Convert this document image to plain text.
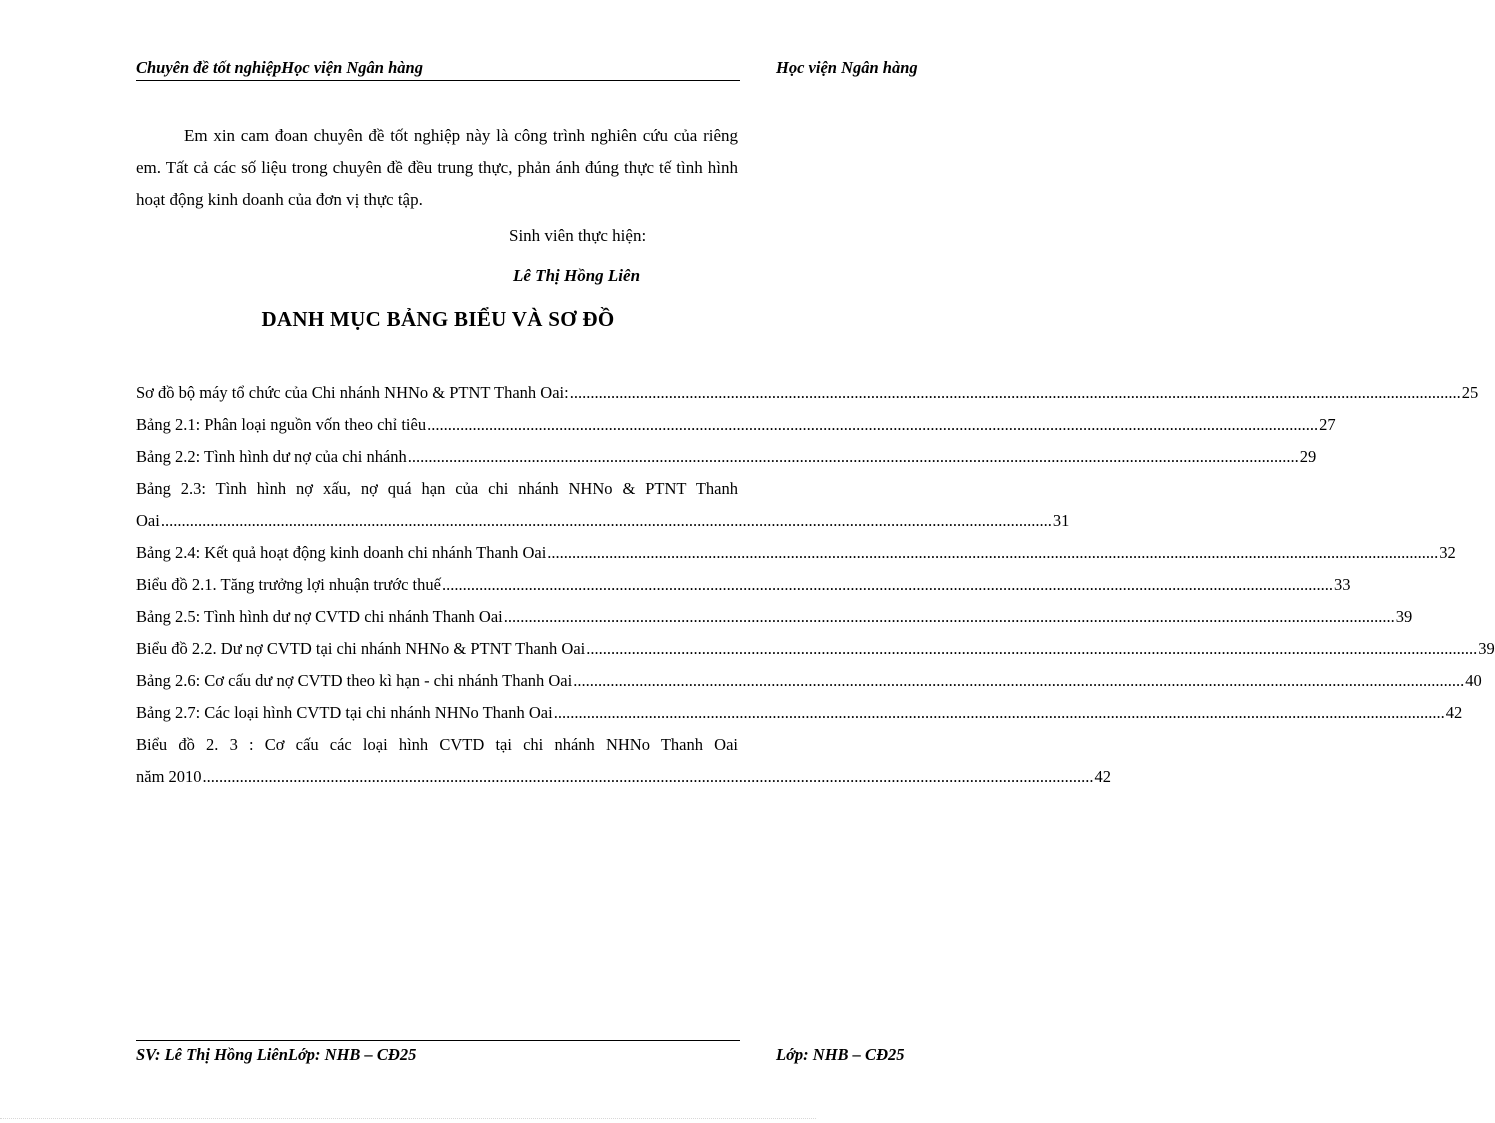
Chuyên đề tốt nghiệpHọc viện Ngân hàng	Học viện Ngân hàng

Em xin cam đoan chuyên đề tốt nghiệp này là công trình nghiên cứu của riêng em. Tất cả các số liệu trong chuyên đề đều trung thực, phản ánh đúng thực tế tình hình hoạt động kinh doanh của đơn vị thực tập.

Sinh viên thực hiện:
Lê Thị Hồng Liên
DANH MỤC BẢNG BIỂU VÀ SƠ ĐỒ
Sơ đồ bộ máy tổ chức của Chi nhánh NHNo & PTNT Thanh Oai: .....	25
Bảng 2.1: Phân loại nguồn vốn theo chỉ tiêu .....	27
Bảng 2.2: Tình hình dư nợ của chi nhánh .....	29
Bảng 2.3: Tình hình nợ xấu, nợ quá hạn của chi nhánh NHNo & PTNT Thanh
Oai .....	31
Bảng 2.4: Kết quả hoạt động kinh doanh chi nhánh Thanh Oai .....	32
Biểu đồ 2.1. Tăng trưởng lợi nhuận trước thuế .....	33
Bảng 2.5: Tình hình dư nợ CVTD chi nhánh Thanh Oai .....	39
Biểu đồ 2.2. Dư nợ CVTD tại chi nhánh NHNo & PTNT Thanh Oai .....	39
Bảng 2.6: Cơ cấu dư nợ CVTD theo kì hạn - chi nhánh Thanh Oai .....	40
Bảng 2.7: Các loại hình CVTD tại chi nhánh NHNo Thanh Oai .....	42
Biểu đồ 2. 3 : Cơ cấu các loại hình CVTD tại chi nhánh NHNo Thanh Oai
năm 2010 .....	42
SV: Lê Thị Hồng LiênLớp: NHB – CĐ25	Lớp: NHB – CĐ25
